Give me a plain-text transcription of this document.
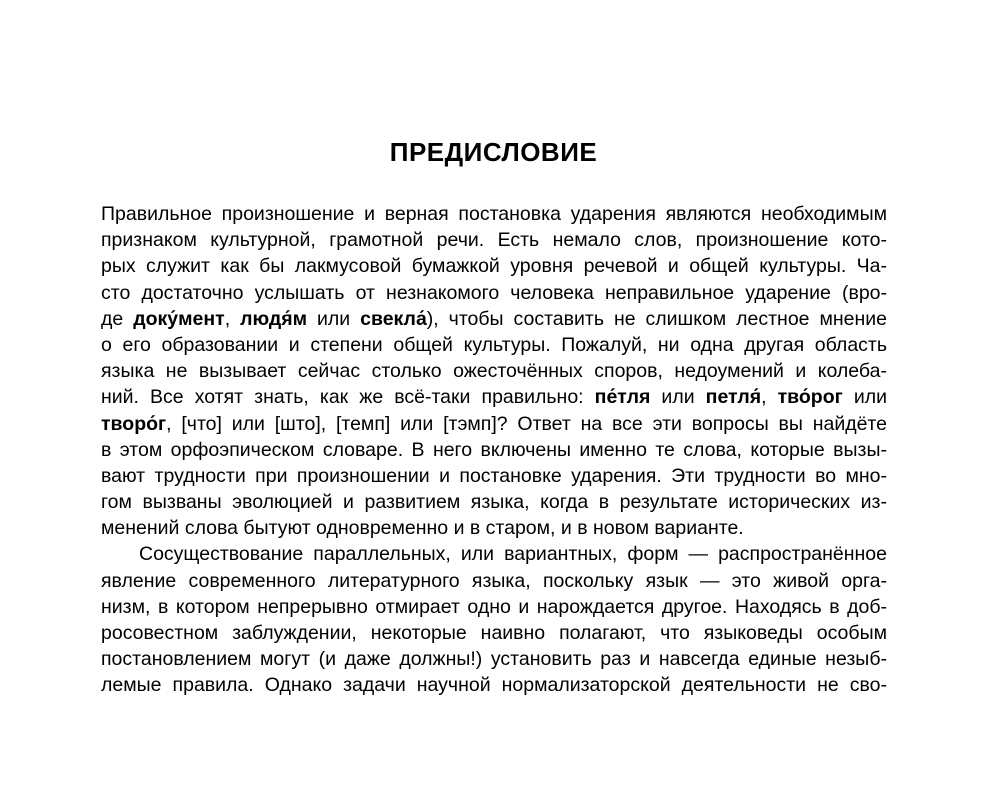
ПРЕДИСЛОВИЕ
Правильное произношение и верная постановка ударения являются необходимым
признаком культурной, грамотной речи. Есть немало слов, произношение кото-
рых служит как бы лакмусовой бумажкой уровня речевой и общей культуры. Ча-
сто достаточно услышать от незнакомого человека неправильное ударение (вро-
де доку́мент, людя́м или свекла́), чтобы составить не слишком лестное мнение
о его образовании и степени общей культуры. Пожалуй, ни одна другая область
языка не вызывает сейчас столько ожесточённых споров, недоумений и колеба-
ний. Все хотят знать, как же всё-таки правильно: пе́тля или петля́, тво́рог или
творо́г, [что] или [што], [темп] или [тэмп]? Ответ на все эти вопросы вы найдёте
в этом орфоэпическом словаре. В него включены именно те слова, которые вызы-
вают трудности при произношении и постановке ударения. Эти трудности во мно-
гом вызваны эволюцией и развитием языка, когда в результате исторических из-
менений слова бытуют одновременно и в старом, и в новом варианте.
Сосуществование параллельных, или вариантных, форм — распространённое
явление современного литературного языка, поскольку язык — это живой орга-
низм, в котором непрерывно отмирает одно и нарождается другое. Находясь в доб-
росовестном заблуждении, некоторые наивно полагают, что языковеды особым
постановлением могут (и даже должны!) установить раз и навсегда единые незыб-
лемые правила. Однако задачи научной нормализаторской деятельности не сво-
